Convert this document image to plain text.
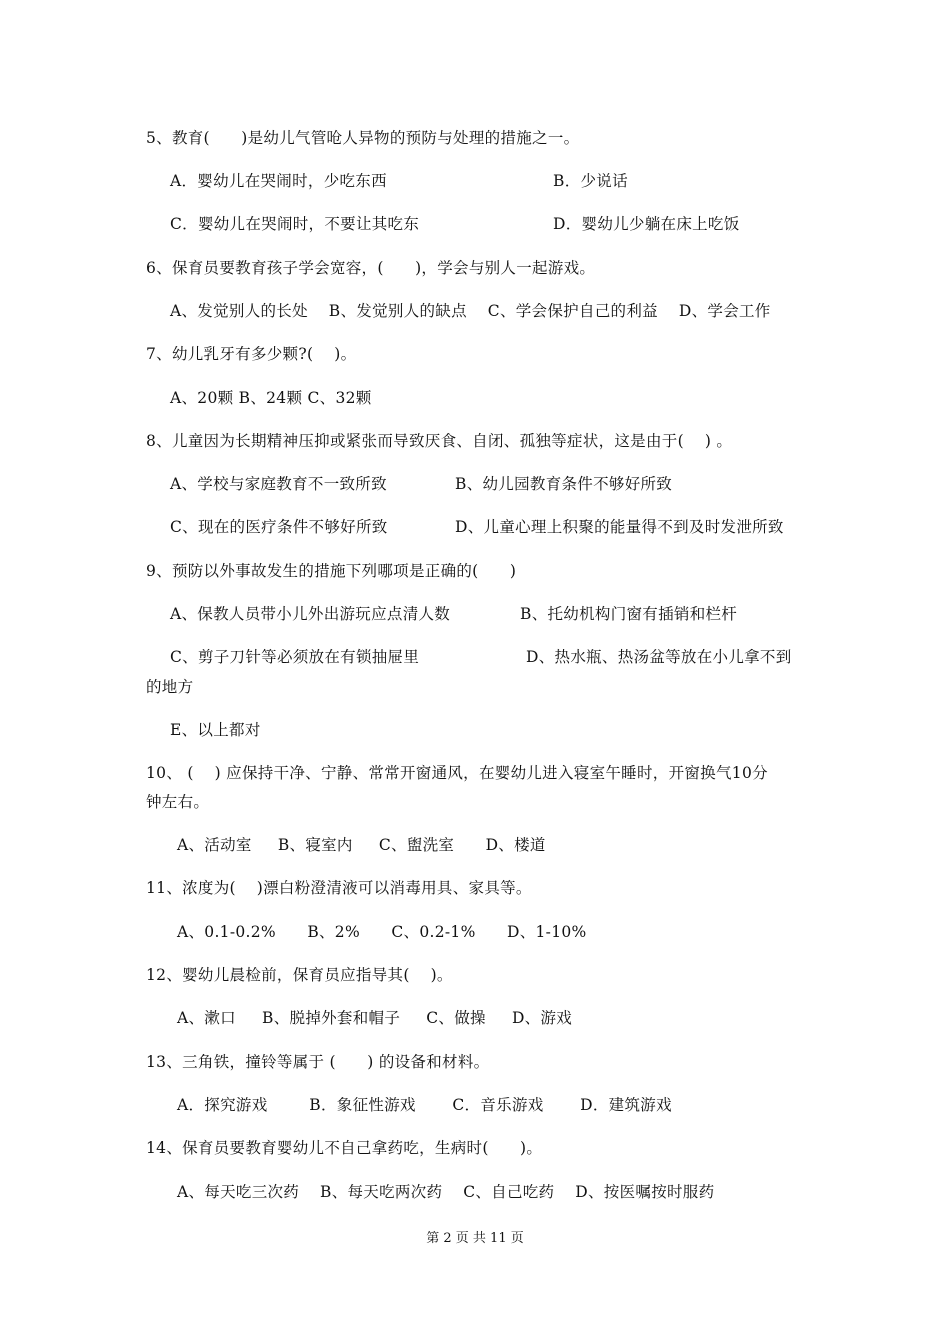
5、教育(      )是幼儿气管呛人异物的预防与处理的措施之一。
A．婴幼儿在哭闹时，少吃东西	B．少说话
C．婴幼儿在哭闹时，不要让其吃东	D．婴幼儿少躺在床上吃饭
6、保育员要教育孩子学会宽容，(      )，学会与别人一起游戏。
A、发觉别人的长处    B、发觉别人的缺点    C、学会保护自己的利益    D、学会工作
7、幼儿乳牙有多少颗?(    )。
A、20颗 B、24颗 C、32颗
8、儿童因为长期精神压抑或紧张而导致厌食、自闭、孤独等症状，这是由于(    ) 。
A、学校与家庭教育不一致所致	B、幼儿园教育条件不够好所致
C、现在的医疗条件不够好所致	D、儿童心理上积聚的能量得不到及时发泄所致
9、预防以外事故发生的措施下列哪项是正确的(      )
A、保教人员带小儿外出游玩应点清人数	B、托幼机构门窗有插销和栏杆
C、剪子刀针等必须放在有锁抽屉里	D、热水瓶、热汤盆等放在小儿拿不到
的地方
E、以上都对
10、 (    ) 应保持干净、宁静、常常开窗通风，在婴幼儿进入寝室午睡时，开窗换气10分
钟左右。
A、活动室     B、寝室内     C、盥洗室      D、楼道
11、浓度为(    )漂白粉澄清液可以消毒用具、家具等。
A、0.1-0.2%      B、2%      C、0.2-1%      D、1-10%
12、婴幼儿晨检前，保育员应指导其(    )。
A、漱口     B、脱掉外套和帽子     C、做操     D、游戏
13、三角铁，撞铃等属于 (      ) 的设备和材料。
A．探究游戏        B．象征性游戏       C．音乐游戏       D．建筑游戏
14、保育员要教育婴幼儿不自己拿药吃，生病时(      )。
A、每天吃三次药    B、每天吃两次药    C、自己吃药    D、按医嘱按时服药
第 2 页 共 11 页
